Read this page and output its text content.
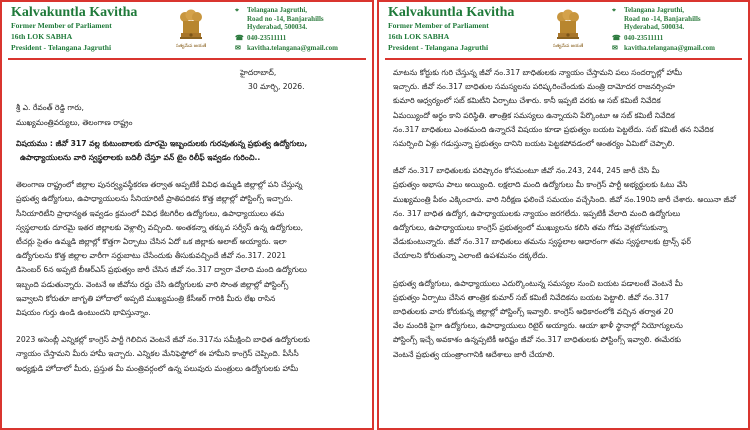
Kalvakuntla Kavitha

Former Member of Parliament

16th LOK SABHA

President - Telangana Jagruthi	సత్యమేవ జయతే
⌖ Telangana Jagruthi,
Road no -14, Banjarahills
Hyderabad, 500034.
☎ 040-23511111
✉ kavitha.telangana@gmail.com

హైదరాబాద్,

30 మార్చి, 2026.

శ్రీ ఎ. రేవంత్ రెడ్డి గారు,

ముఖ్యమంత్రివర్యులు, తెలంగాణ రాష్ట్రం

విషయము : జీవో 317 వల్ల కుటుంబాలకు దూరమై ఇబ్బందులకు గురవుతున్న ప్రభుత్వ ఉద్యోగులు,

ఉపాధ్యాయులను వారి స్వస్థలాలకు బదిలీ చేస్తూ వన్ టైం రిలీఫ్ ఇవ్వడం గురించి..

తెలంగాణ రాష్ట్రంలో జిల్లాల పునర్వ్యవస్థీకరణ తర్వాత అప్పటికే వివిధ ఉమ్మడి జిల్లాల్లో పని చేస్తున్న

ప్రభుత్వ ఉద్యోగులు, ఉపాధ్యాయులను సీనియారిటీ ప్రాతిపదికన కొత్త జిల్లాల్లో పోస్టింగ్స్ ఇచ్చారు.

సీనియారిటీని ప్రాధాన్యత ఇవ్వడం క్రమంలో వివిధ కేటగిరీల ఉద్యోగులు, ఉపాధ్యాయులు తమ

స్వస్థలాలకు దూరమై ఇతర జిల్లాలకు వెళ్లాల్సి వచ్చింది. అంతకన్నా తక్కువ సర్వీస్ ఉన్న ఉద్యోగులు,

టీచర్లు సైతం ఉమ్మడి జిల్లాల్లో కొత్తగా ఏర్పాటు చేసిన ఏదో ఒక జిల్లాకు అలాట్ అయ్యారు. ఇలా

ఉద్యోగులను కొత్త జిల్లాల వారీగా సర్దుబాటు చేసేందుకు తీసుకువచ్చిందే జీవో నం.317. 2021

డిసెంబర్ 6న అప్పటి బీఆర్ఎస్ ప్రభుత్వం జారీ చేసిన జీవో నం.317 ద్వారా వేలాది మంది ఉద్యోగులు

ఇబ్బంది పడుతున్నారు. వెంటనే ఆ జీవోను రద్దు చేసి ఉద్యోగులకు వారి సొంత జిల్లాల్లో పోస్టింగ్స్

ఇవ్వాలని కోరుతూ జాగృతి హోదాలో అప్పటి ముఖ్యమంత్రి కేసీఆర్ గారికి మీరు లేఖ రాసిన

విషయం గుర్తు ఉండి ఉంటుందని భావిస్తున్నాం.

2023 అసెంబ్లీ ఎన్నికల్లో కాంగ్రెస్ పార్టీ గెలిచిన వెంటనే జీవో నం.317ను సమీక్షించి బాధిత ఉద్యోగులకు

న్యాయం చేస్తామని మీరు హామీ ఇచ్చారు. ఎన్నికల మేనిఫెస్టోలో ఈ హామీని కాంగ్రెస్ చెప్పింది. పీసీసీ

అధ్యక్షుడి హోదాలో మీరు, ప్రస్తుత మీ మంత్రివర్గంలో ఉన్న పలువురు మంత్రులు ఉద్యోగులకు హామీ

Kalvakuntla Kavitha

Former Member of Parliament

16th LOK SABHA

President - Telangana Jagruthi	సత్యమేవ జయతే
⌖ Telangana Jagruthi,
Road no -14, Banjarahills
Hyderabad, 500034.
☎ 040-23511111
✉ kavitha.telangana@gmail.com

మాటను కోర్టుకు గురి చేస్తున్న జీవో నం.317 బాధితులకు న్యాయం చేస్తామని పలు సందర్భాల్లో హామీ

ఇచ్చారు. జీవో నం.317 బాధితుల సమస్యలను పరిష్కరించేందుకు మంత్రి దామోదర రాజనర్సింహ

కుమారి ఆధ్వర్యంలో సబ్ కమిటీని ఏర్పాటు చేశారు. కానీ ఇప్పటి వరకు ఆ సబ్ కమిటీ నివేదిక

ఏమయ్యిందో అర్థం కాని పరిస్థితి. తాంత్రిక సమస్యలు ఉన్నాయని పేర్కొంటూ ఆ సబ్ కమిటీ నివేదిక

నం.317 బాధితులు ఎంతమంది ఉన్నారనే విషయం కూడా ప్రభుత్వం బయట పెట్టలేదు. సబ్ కమిటీ తన నివేదిక

సమర్పించి ఏళ్లు గడుస్తున్నా ప్రభుత్వం దానిని బయట పెట్టకపోవడంలో ఆంతర్యం ఏమిటో చెప్పాలి.

జీవో నం.317 బాధితులకు పరిష్కారం కోసమంటూ జీవో నం.243, 244, 245 జారీ చేసి మీ

ప్రభుత్వం అభాసు పాలు అయ్యింది. లక్షలాది మంది ఉద్యోగులు మీ కాంగ్రెస్ పార్టీ అభ్యర్థులకు ఓటు వేసి

ముఖ్యమంత్రి పీఠం ఎక్కించారు. వారి నిరీక్షణ ఫలించే సమయం వచ్చేసింది. జీవో నం.190ని జారీ చేశారు. అయినా జీవో

నం. 317 బాధిత ఉద్యోగ, ఉపాధ్యాయులకు న్యాయం జరగలేదు. ఇప్పటికీ వేలాది మంది ఉద్యోగులు

ఉద్యోగులు, ఉపాధ్యాయులు కాంగ్రెస్ ప్రభుత్వంలో ముఖ్యులను కలిసి తమ గోడు వెళ్లబోసుకున్నా

వేడుకుంటున్నారు. జీవో నం.317 బాధితులు తమను స్వస్థలాల ఆధారంగా తమ స్వస్థలాలకు ట్రాన్స్ ఫర్

చేయాలని కోరుతున్నా ఎలాంటి ఉపశమనం దక్కలేదు.

ప్రభుత్వ ఉద్యోగులు, ఉపాధ్యాయులు ఎదుర్కొంటున్న సమస్యల నుంచి బయట పడాలంటే వెంటనే మీ

ప్రభుత్వం ఏర్పాటు చేసిన తాంత్రిక కుమార్ సబ్ కమిటీ నివేదికను బయట పెట్టాలి. జీవో నం.317

బాధితులకు వారు కోరుకున్న జిల్లాల్లో పోస్టింగ్స్ ఇవ్వాలి. కాంగ్రెస్ అధికారంలోకి వచ్చిన తర్వాత 20

వేల మందికి పైగా ఉద్యోగులు, ఉపాధ్యాయులు రిటైర్ అయ్యారు. ఆయా ఖాళీ స్థానాల్లో నియోగ్యులను

పోస్టింగ్స్ ఇచ్చే అవకాశం ఉన్నప్పటికీ అరిష్టం జీవో నం.317 బాధితులకు పోస్టింగ్స్ ఇవ్వాలి. ఈమేరకు

వెంటనే ప్రభుత్వ యంత్రాంగానికి ఆదేశాలు జారీ చేయాలి.
